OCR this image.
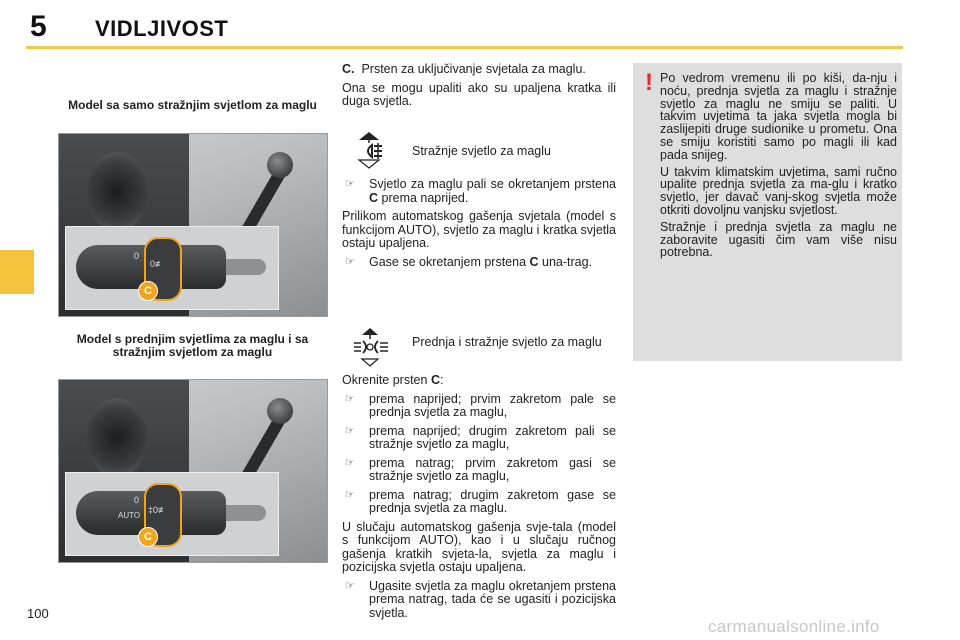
5 VIDLJIVOST
Model sa samo stražnjim svjetlom za maglu
0
0≢
C
Model s prednjim svjetlima za maglu i sa stražnjim svjetlom za maglu
0
AUTO
‡0≢
C

C. Prsten za uključivanje svjetala za maglu.

Ona se mogu upaliti ako su upaljena kratka ili duga svjetla.

Stražnje svjetlo za maglu
☞ Svjetlo za maglu pali se okretanjem prstena C prema naprijed.

Prilikom automatskog gašenja svjetala (model s funkcijom AUTO), svjetlo za maglu i kratka svjetla ostaju upaljena.

☞ Gase se okretanjem prstena C una-trag.
Prednja i stražnje svjetlo za maglu

Okrenite prsten C:

☞ prema naprijed; prvim zakretom pale se prednja svjetla za maglu,
☞ prema naprijed; drugim zakretom pali se stražnje svjetlo za maglu,
☞ prema natrag; prvim zakretom gasi se stražnje svjetlo za maglu,
☞ prema natrag; drugim zakretom gase se prednja svjetla za maglu.

U slučaju automatskog gašenja svje-tala (model s funkcijom AUTO), kao i u slučaju ručnog gašenja kratkih svjeta-la, svjetla za maglu i pozicijska svjetla ostaju upaljena.

☞ Ugasite svjetla za maglu okretanjem prstena prema natrag, tada će se ugasiti i pozicijska svjetla.
! Po vedrom vremenu ili po kiši, da-nju i noću, prednja svjetla za maglu i stražnje svjetlo za maglu ne smiju se paliti. U takvim uvjetima ta jaka svjetla mogla bi zaslijepiti druge sudionike u prometu. Ona se smiju koristiti samo po magli ili kad pada snijeg.

U takvim klimatskim uvjetima, sami ručno upalite prednja svjetla za ma-glu i kratko svjetlo, jer davač vanj-skog svjetla može otkriti dovoljnu vanjsku svjetlost.

Stražnje i prednja svjetla za maglu ne zaboravite ugasiti čim vam više nisu potrebna.

100
carmanualsonline.info
